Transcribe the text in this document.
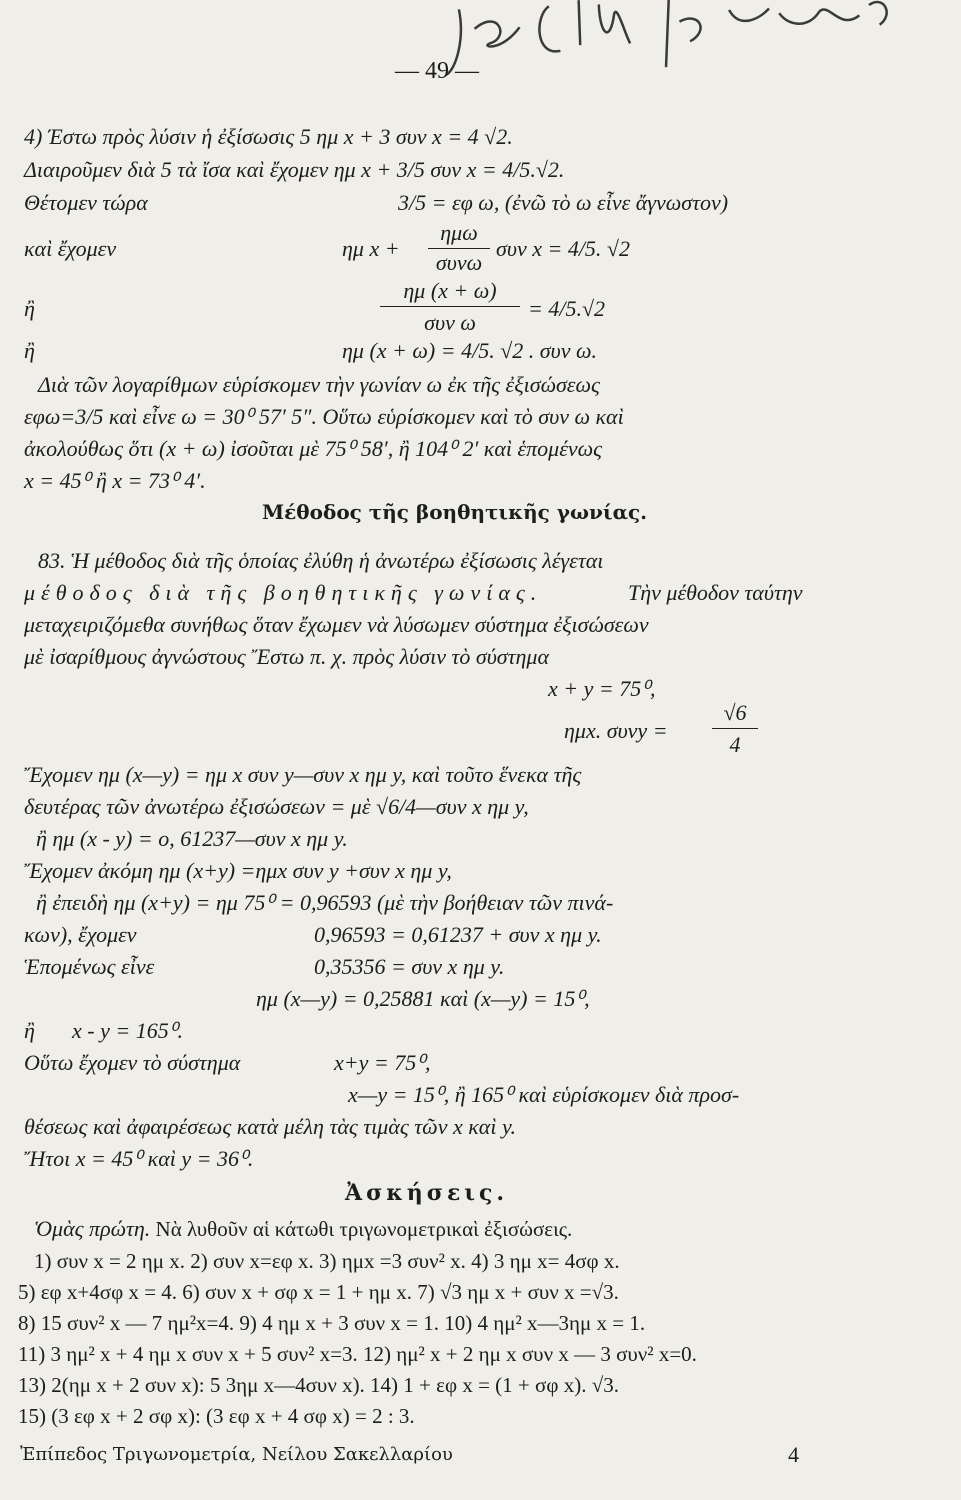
— 49 —
4) Έστω πρὸς λύσιν ἡ ἐξίσωσις 5 ημ x + 3 συν x = 4 √2.
Διαιροῦμεν διὰ 5 τὰ ἴσα καὶ ἔχομεν ημ x + 3/5 συν x = 4/5.√2.
Θέτομεν τώρα	3/5 = εφ ω, (ἐνῶ τὸ ω εἶνε ἄγνωστον)
καὶ ἔχομεν	ημ x +
ημω
συνω
συν x = 4/5. √2
ἢ
ημ (x + ω)
συν ω
= 4/5.√2
ἢ	ημ (x + ω) = 4/5. √2 . συν ω.
Διὰ τῶν λογαρίθμων εὑρίσκομεν τὴν γωνίαν ω ἐκ τῆς ἐξισώσεως
εφω=3/5 καὶ εἶνε ω = 30⁰ 57′ 5″. Οὕτω εὑρίσκομεν καὶ τὸ συν ω καὶ
ἀκολούθως ὅτι (x + ω) ἰσοῦται μὲ 75⁰ 58′, ἢ 104⁰ 2′ καὶ ἑπομένως
x = 45⁰ ἢ x = 73⁰ 4′.
Μέθοδος τῆς βοηθητικῆς γωνίας.
83. Ἡ μέθοδος διὰ τῆς ὁποίας ἐλύθη ἡ ἀνωτέρω ἐξίσωσις λέγεται
μέθοδος διὰ τῆς βοηθητικῆς γωνίας.	Τὴν μέθοδον ταύτην
μεταχειριζόμεθα συνήθως ὅταν ἔχωμεν νὰ λύσωμεν σύστημα ἐξισώσεων
μὲ ἰσαρίθμους ἀγνώστους Ἔστω π. χ. πρὸς λύσιν τὸ σύστημα
x + y = 75⁰,
ημx. συνy =
√6
4
Ἔχομεν ημ (x—y) = ημ x συν y—συν x ημ y, καὶ τοῦτο ἕνεκα τῆς
δευτέρας τῶν ἀνωτέρω ἐξισώσεων = μὲ √6/4—συν x ημ y,
ἢ ημ (x - y) = ο, 61237—συν x ημ y.
Ἔχομεν ἀκόμη ημ (x+y) =ημx συν y +συν x ημ y,
ἢ ἐπειδὴ ημ (x+y) = ημ 75⁰ = 0,96593 (μὲ τὴν βοήθειαν τῶν πινά-
κων), ἔχομεν	0,96593 = 0,61237 + συν x ημ y.
Ἑπομένως εἶνε	0,35356 = συν x ημ y.
ημ (x—y) = 0,25881 καὶ (x—y) = 15⁰,
ἢ x - y = 165⁰.
Οὕτω ἔχομεν τὸ σύστημα	x+y = 75⁰,
x—y = 15⁰, ἢ 165⁰ καὶ εὑρίσκομεν διὰ προσ-
θέσεως καὶ ἀφαιρέσεως κατὰ μέλη τὰς τιμὰς τῶν x καὶ y.
Ἤτοι x = 45⁰ καὶ y = 36⁰.
Ἀσκήσεις.
Ὁμὰς πρώτη. Νὰ λυθοῦν αἱ κάτωθι τριγωνομετρικαὶ ἐξισώσεις.
1) συν x = 2 ημ x. 2) συν x=εφ x. 3) ημx =3 συν² x. 4) 3 ημ x= 4σφ x.
5) εφ x+4σφ x = 4. 6) συν x + σφ x = 1 + ημ x. 7) √3 ημ x + συν x =√3.
8) 15 συν² x — 7 ημ²x=4. 9) 4 ημ x + 3 συν x = 1. 10) 4 ημ² x—3ημ x = 1.
11) 3 ημ² x + 4 ημ x συν x + 5 συν² x=3. 12) ημ² x + 2 ημ x συν x — 3 συν² x=0.
13) 2(ημ x + 2 συν x): 5 3ημ x—4συν x). 14) 1 + εφ x = (1 + σφ x). √3.
15) (3 εφ x + 2 σφ x): (3 εφ x + 4 σφ x) = 2 : 3.
Ἐπίπεδος Τριγωνομετρία, Νείλου Σακελλαρίου	4
